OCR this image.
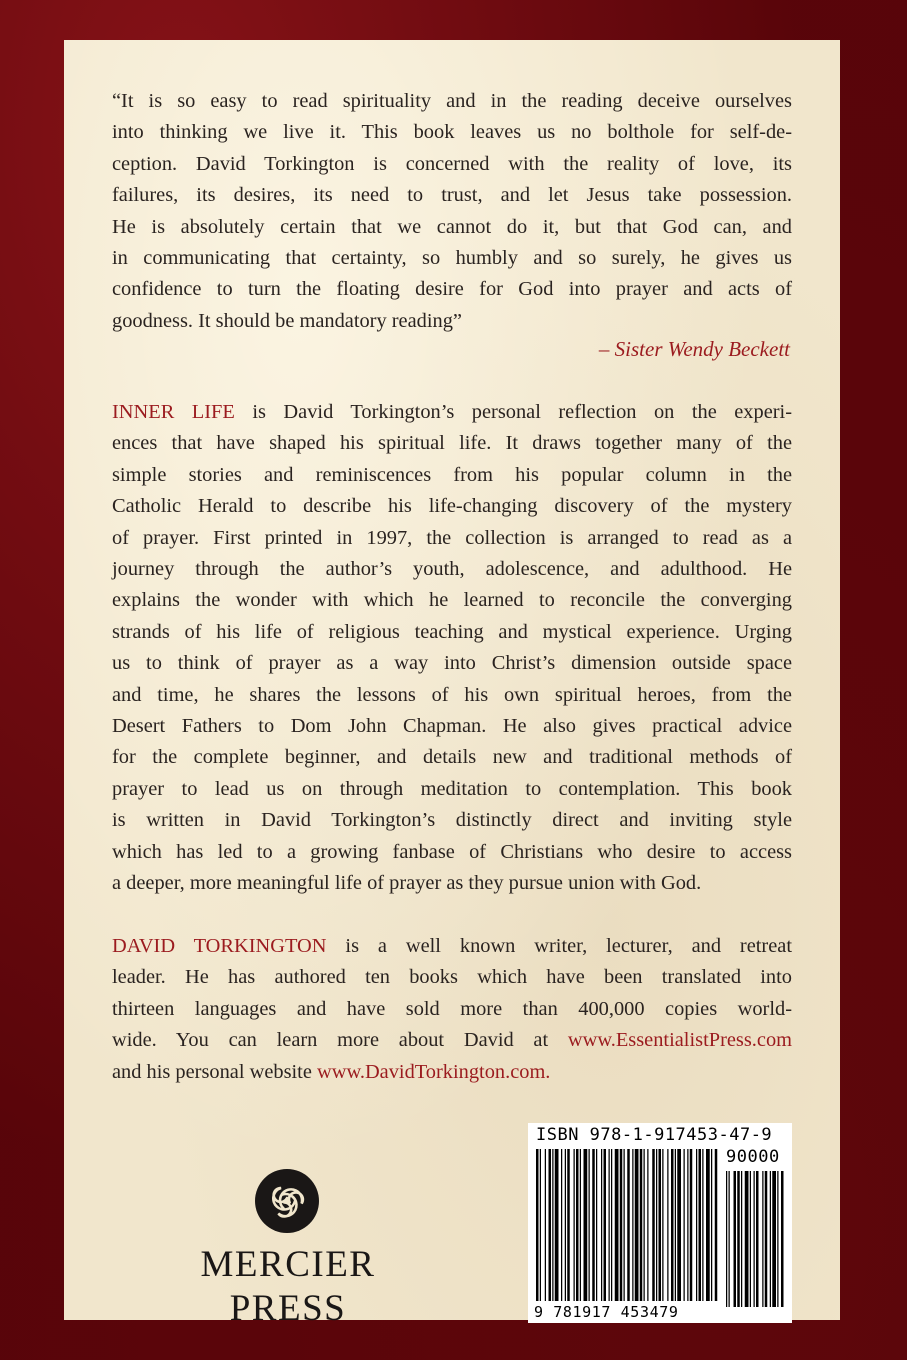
“It is so easy to read spirituality and in the reading deceive ourselves
into thinking we live it. This book leaves us no bolthole for self-de-
ception. David Torkington is concerned with the reality of love, its
failures, its desires, its need to trust, and let Jesus take possession.
He is absolutely certain that we cannot do it, but that God can, and
in communicating that certainty, so humbly and so surely, he gives us
confidence to turn the floating desire for God into prayer and acts of
goodness. It should be mandatory reading”
– Sister Wendy Beckett
INNER LIFE is David Torkington’s personal reflection on the experi-
ences that have shaped his spiritual life. It draws together many of the
simple stories and reminiscences from his popular column in the
Catholic Herald to describe his life-changing discovery of the mystery
of prayer. First printed in 1997, the collection is arranged to read as a
journey through the author’s youth, adolescence, and adulthood. He
explains the wonder with which he learned to reconcile the converging
strands of his life of religious teaching and mystical experience. Urging
us to think of prayer as a way into Christ’s dimension outside space
and time, he shares the lessons of his own spiritual heroes, from the
Desert Fathers to Dom John Chapman. He also gives practical advice
for the complete beginner, and details new and traditional methods of
prayer to lead us on through meditation to contemplation. This book
is written in David Torkington’s distinctly direct and inviting style
which has led to a growing fanbase of Christians who desire to access
a deeper, more meaningful life of prayer as they pursue union with God.
DAVID TORKINGTON is a well known writer, lecturer, and retreat
leader. He has authored ten books which have been translated into
thirteen languages and have sold more than 400,000 copies world-
wide. You can learn more about David at www.EssentialistPress.com
and his personal website www.DavidTorkington.com.
MERCIER PRESS
ISBN 978-1-917453-47-9
90000
9 781917 453479
